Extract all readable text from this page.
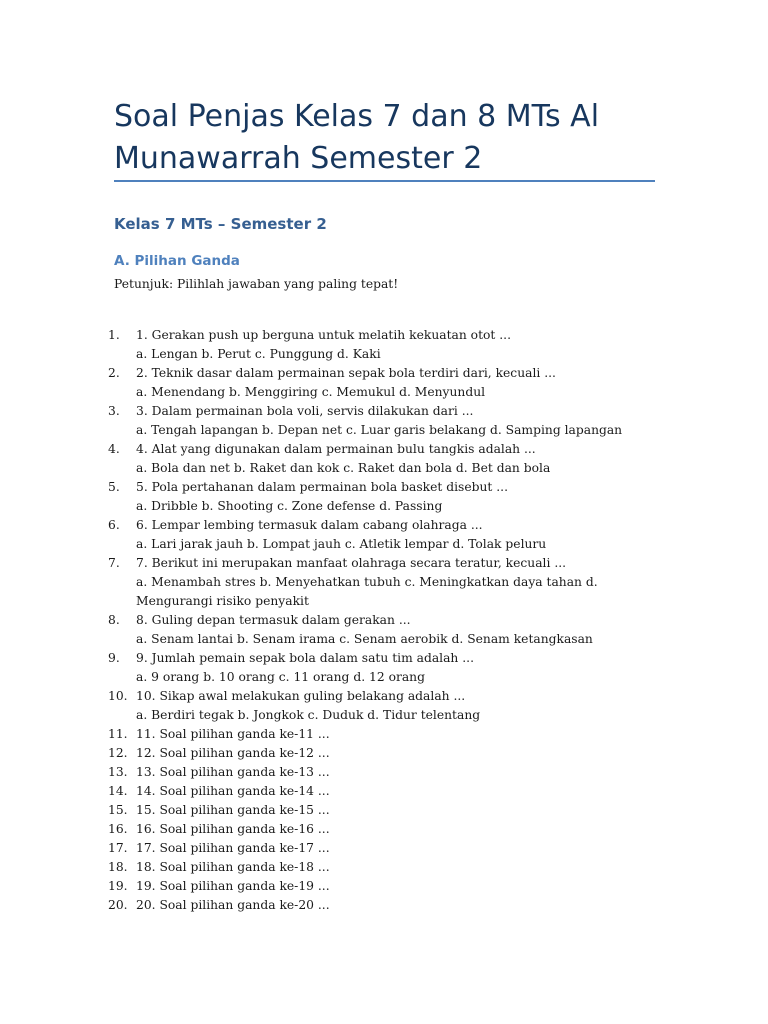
Soal Penjas Kelas 7 dan 8 MTs Al Munawarrah Semester 2
Kelas 7 MTs – Semester 2
A. Pilihan Ganda

Petunjuk: Pilihlah jawaban yang paling tepat!

1.	1. Gerakan push up berguna untuk melatih kekuatan otot ...
a. Lengan b. Perut c. Punggung d. Kaki
2.	2. Teknik dasar dalam permainan sepak bola terdiri dari, kecuali ...
a. Menendang b. Menggiring c. Memukul d. Menyundul
3.	3. Dalam permainan bola voli, servis dilakukan dari ...
a. Tengah lapangan b. Depan net c. Luar garis belakang d. Samping lapangan
4.	4. Alat yang digunakan dalam permainan bulu tangkis adalah ...
a. Bola dan net b. Raket dan kok c. Raket dan bola d. Bet dan bola
5.	5. Pola pertahanan dalam permainan bola basket disebut ...
a. Dribble b. Shooting c. Zone defense d. Passing
6.	6. Lempar lembing termasuk dalam cabang olahraga ...
a. Lari jarak jauh b. Lompat jauh c. Atletik lempar d. Tolak peluru
7.	7. Berikut ini merupakan manfaat olahraga secara teratur, kecuali ...
a. Menambah stres b. Menyehatkan tubuh c. Meningkatkan daya tahan d. Mengurangi risiko penyakit
8.	8. Guling depan termasuk dalam gerakan ...
a. Senam lantai b. Senam irama c. Senam aerobik d. Senam ketangkasan
9.	9. Jumlah pemain sepak bola dalam satu tim adalah ...
a. 9 orang b. 10 orang c. 11 orang d. 12 orang
10. 10. Sikap awal melakukan guling belakang adalah ...
a. Berdiri tegak b. Jongkok c. Duduk d. Tidur telentang
11. 11. Soal pilihan ganda ke-11 ...
12. 12. Soal pilihan ganda ke-12 ...
13. 13. Soal pilihan ganda ke-13 ...
14. 14. Soal pilihan ganda ke-14 ...
15. 15. Soal pilihan ganda ke-15 ...
16. 16. Soal pilihan ganda ke-16 ...
17. 17. Soal pilihan ganda ke-17 ...
18. 18. Soal pilihan ganda ke-18 ...
19. 19. Soal pilihan ganda ke-19 ...
20. 20. Soal pilihan ganda ke-20 ...
